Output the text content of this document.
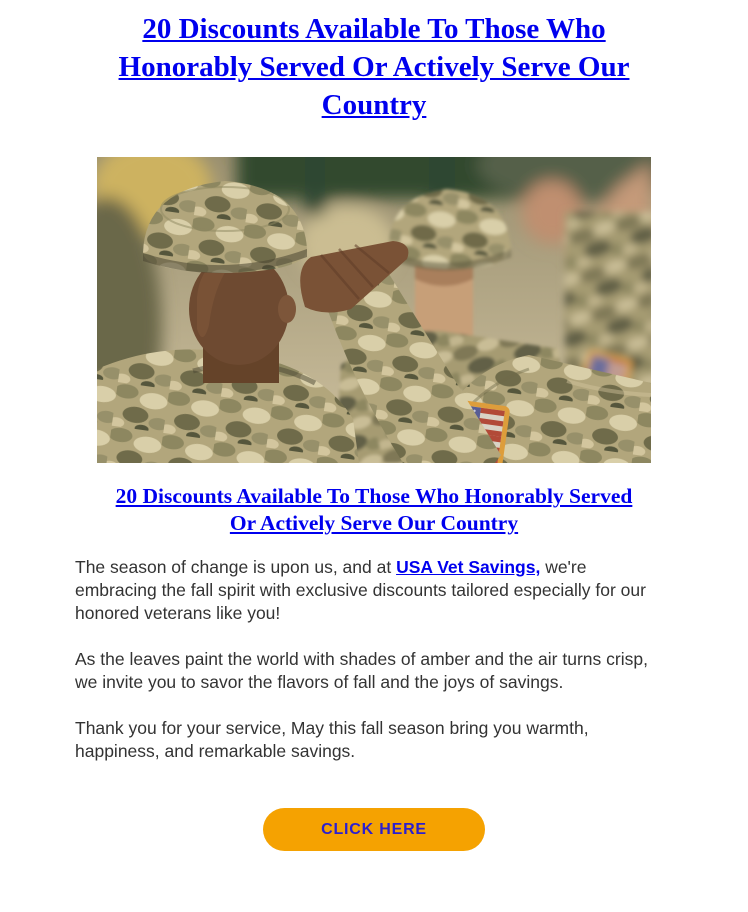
20 Discounts Available To Those Who
Honorably Served Or Actively Serve Our
Country
20 Discounts Available To Those Who Honorably Served
Or Actively Serve Our Country

The season of change is upon us, and at USA Vet Savings, we're embracing the fall spirit with exclusive discounts tailored especially for our honored veterans like you!

As the leaves paint the world with shades of amber and the air turns crisp, we invite you to savor the flavors of fall and the joys of savings.

Thank you for your service, May this fall season bring you warmth, happiness, and remarkable savings.

CLICK HERE
